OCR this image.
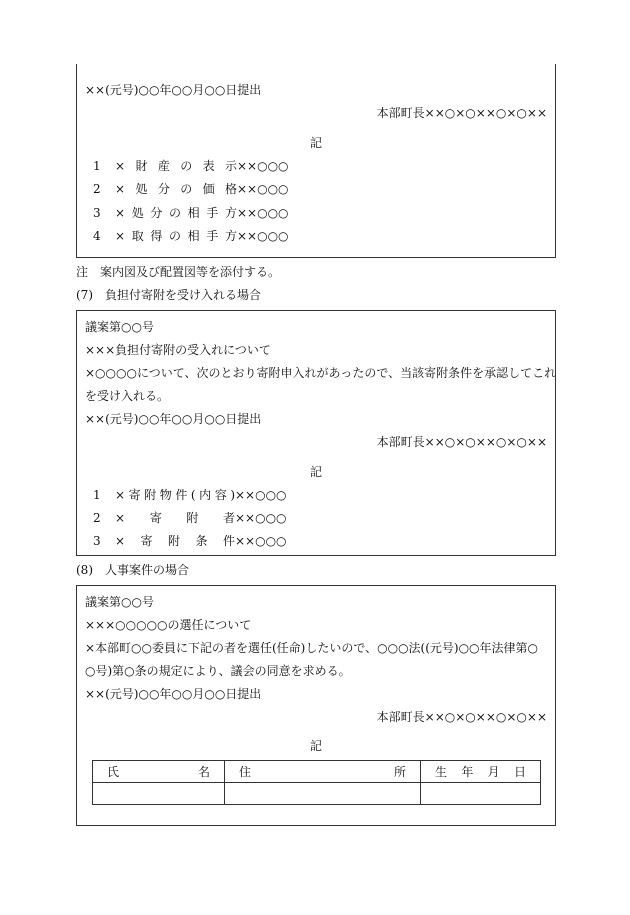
××(元号)○○年○○月○○日提出
本部町長××○×○××○×○××
記
1 ×財産の表示××○○○
2 ×処分の価格××○○○
3 ×処分の相手方××○○○
4 ×取得の相手方××○○○
注　案内図及び配置図等を添付する。
(7)　負担付寄附を受け入れる場合
議案第○○号
×××負担付寄附の受入れについて
×○○○○について、次のとおり寄附申入れがあったので、当該寄附条件を承認してこれ
を受け入れる。
××(元号)○○年○○月○○日提出
本部町長××○×○××○×○××
記
1 ×寄附物件(内容)××○○○
2 ×寄附者××○○○
3 ×寄附条件××○○○
(8)　人事案件の場合
議案第○○号
×××○○○○○の選任について
×本部町○○委員に下記の者を選任(任命)したいので、○○○法((元号)○○年法律第○
○号)第○条の規定により、議会の同意を求める。
××(元号)○○年○○月○○日提出
本部町長××○×○××○×○××
記
氏名	住所	生年月日
